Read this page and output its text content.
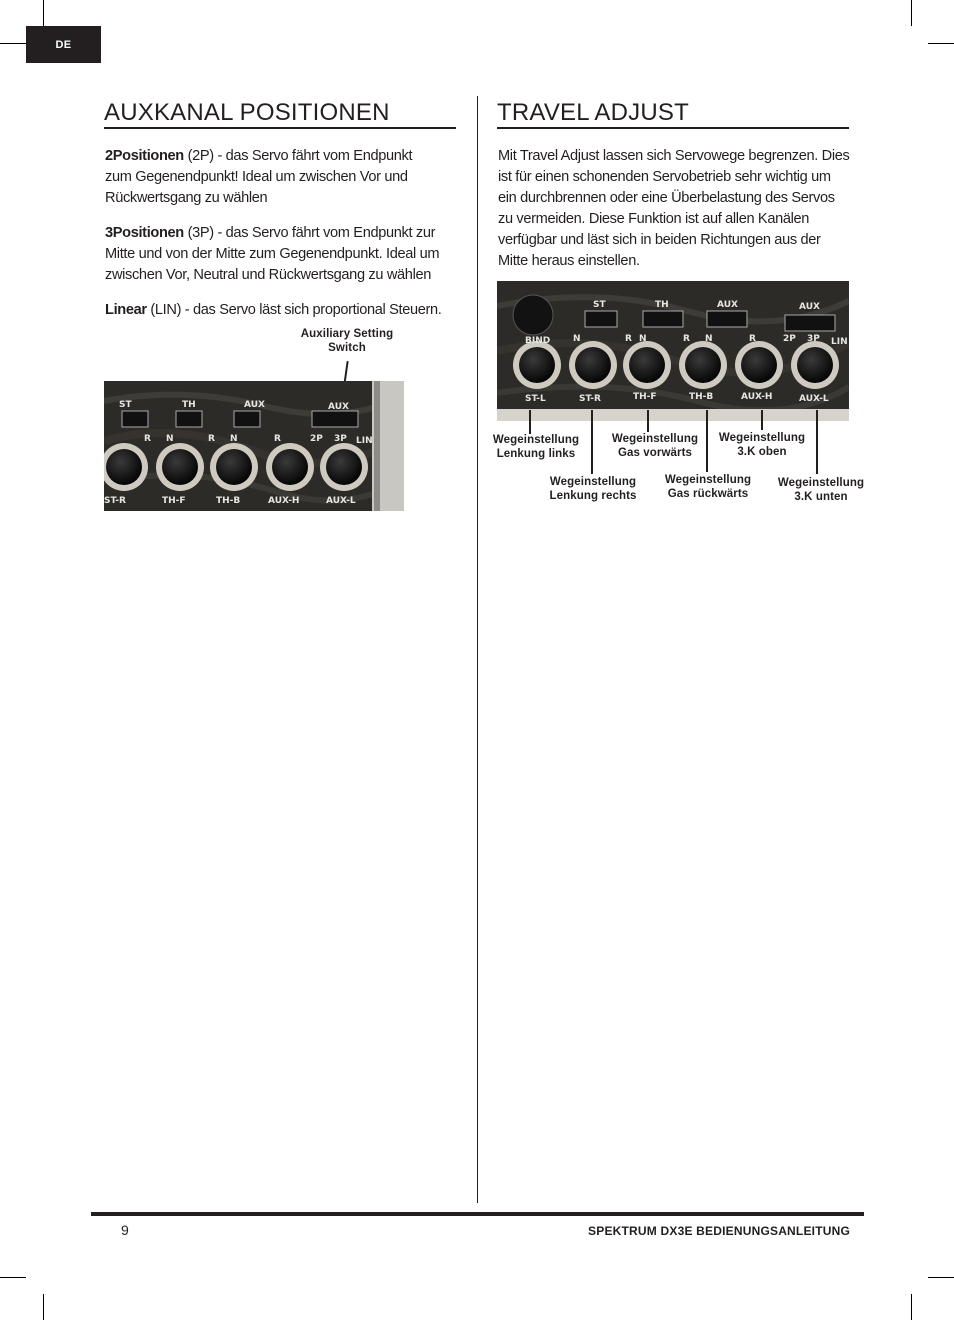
DE
AUXKANAL POSITIONEN
2Positionen (2P) - das Servo fährt vom Endpunkt zum Gegenendpunkt! Ideal um zwischen Vor und Rückwertsgang zu wählen
3Positionen (3P) - das Servo fährt vom Endpunkt zur Mitte und von der Mitte zum Gegenendpunkt. Ideal um zwischen Vor, Neutral und Rückwertsgang zu wählen
Linear (LIN) - das Servo läst sich proportional Steuern.
Auxiliary Setting
Switch
ST	TH	AUX	AUX
R N	R N	R	2P 3P LIN
ST-R	TH-F	TH-B	AUX-H	AUX-L
TRAVEL ADJUST
Mit Travel Adjust lassen sich Servowege begrenzen. Dies ist für einen schonenden Servobetrieb sehr wichtig um ein durchbrennen oder eine Überbelastung des Servos zu vermeiden. Diese Funktion ist auf allen Kanälen verfügbar und läst sich in beiden Richtungen aus der Mitte heraus einstellen.
BIND
ST	TH	AUX	AUX
N	R N	R N	R	2P 3P LIN
ST-L	ST-R	TH-F	TH-B	AUX-H	AUX-L
Wegeinstellung
Lenkung links
Wegeinstellung
Lenkung rechts
Wegeinstellung
Gas vorwärts
Wegeinstellung
Gas rückwärts
Wegeinstellung
3.K oben
Wegeinstellung
3.K unten
9	SPEKTRUM DX3E BEDIENUNGSANLEITUNG
